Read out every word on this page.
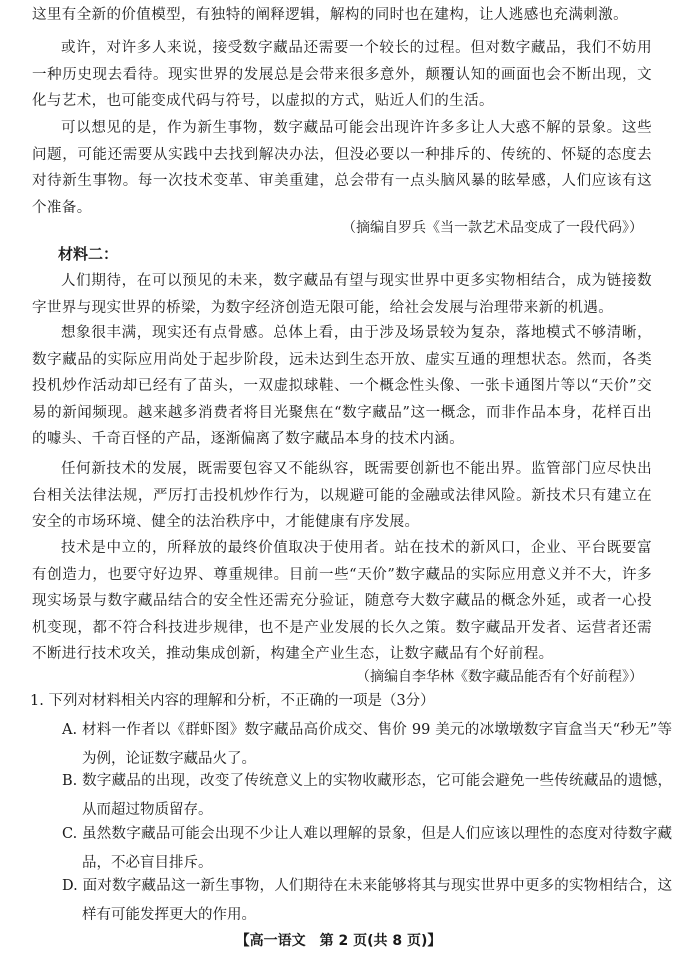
这里有全新的价值模型，有独特的阐释逻辑，解构的同时也在建构，让人逃感也充满刺激。

或许，对许多人来说，接受数字藏品还需要一个较长的过程。但对数字藏品，我们不妨用一种历史现去看待。现实世界的发展总是会带来很多意外，颠覆认知的画面也会不断出现，文化与艺术，也可能变成代码与符号，以虚拟的方式，贴近人们的生活。

可以想见的是，作为新生事物，数字藏品可能会出现许许多多让人大惑不解的景象。这些问题，可能还需要从实践中去找到解决办法，但没必要以一种排斥的、传统的、怀疑的态度去对待新生事物。每一次技术变革、审美重建，总会带有一点头脑风暴的眩晕感，人们应该有这个准备。

（摘编自罗兵《当一款艺术品变成了一段代码》）
材料二：

人们期待，在可以预见的未来，数字藏品有望与现实世界中更多实物相结合，成为链接数字世界与现实世界的桥梁，为数字经济创造无限可能，给社会发展与治理带来新的机遇。

想象很丰满，现实还有点骨感。总体上看，由于涉及场景较为复杂，落地模式不够清晰，数字藏品的实际应用尚处于起步阶段，远未达到生态开放、虚实互通的理想状态。然而，各类投机炒作活动却已经有了苗头，一双虚拟球鞋、一个概念性头像、一张卡通图片等以“天价”交易的新闻频现。越来越多消费者将目光聚焦在“数字藏品”这一概念，而非作品本身，花样百出的噱头、千奇百怪的产品，逐渐偏离了数字藏品本身的技术内涵。

任何新技术的发展，既需要包容又不能纵容，既需要创新也不能出界。监管部门应尽快出台相关法律法规，严厉打击投机炒作行为，以规避可能的金融或法律风险。新技术只有建立在安全的市场环境、健全的法治秩序中，才能健康有序发展。

技术是中立的，所释放的最终价值取决于使用者。站在技术的新风口，企业、平台既要富有创造力，也要守好边界、尊重规律。目前一些“天价”数字藏品的实际应用意义并不大，许多现实场景与数字藏品结合的安全性还需充分验证，随意夸大数字藏品的概念外延，或者一心投机变现，都不符合科技进步规律，也不是产业发展的长久之策。数字藏品开发者、运营者还需不断进行技术攻关，推动集成创新，构建全产业生态，让数字藏品有个好前程。

（摘编自李华林《数字藏品能否有个好前程》）

1. 下列对材料相关内容的理解和分析，不正确的一项是（3分）

A. 材料一作者以《群虾图》数字藏品高价成交、售价 99 美元的冰墩墩数字盲盒当天“秒无”等为例，论证数字藏品火了。

B. 数字藏品的出现，改变了传统意义上的实物收藏形态，它可能会避免一些传统藏品的遗憾，从而超过物质留存。

C. 虽然数字藏品可能会出现不少让人难以理解的景象，但是人们应该以理性的态度对待数字藏品，不必盲目排斥。

D. 面对数字藏品这一新生事物，人们期待在未来能够将其与现实世界中更多的实物相结合，这样有可能发挥更大的作用。

【高一语文　第 2 页(共 8 页)】
